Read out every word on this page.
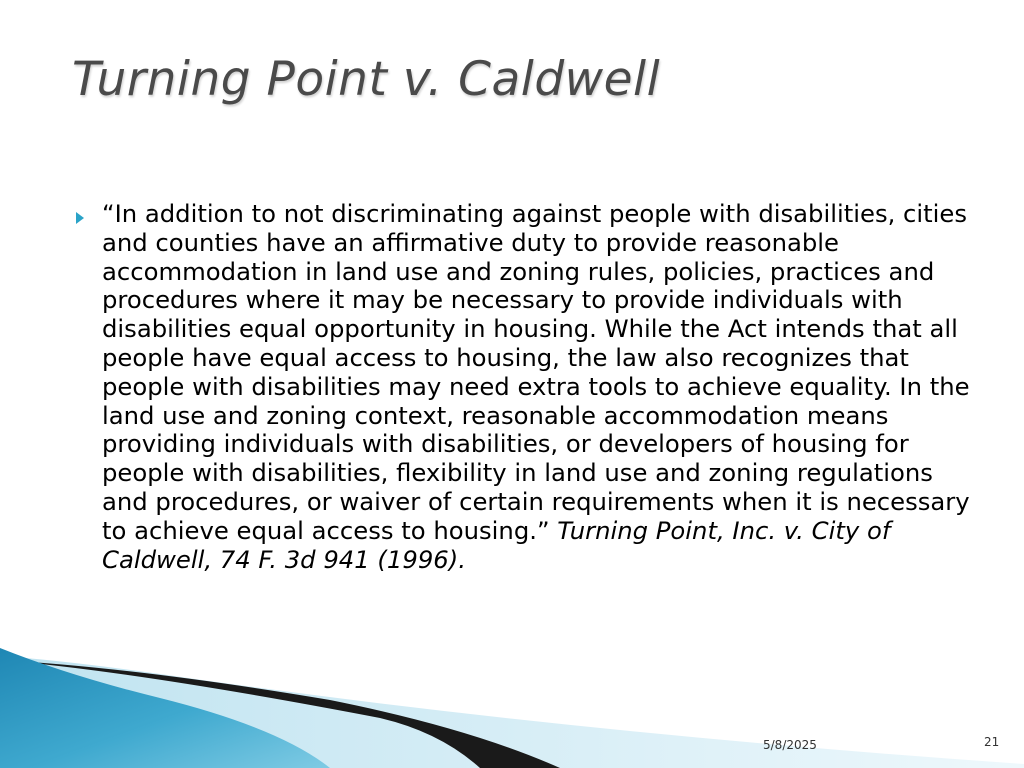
Turning Point v. Caldwell

“In addition to not discriminating against people with disabilities, cities and counties have an affirmative duty to provide reasonable accommodation in land use and zoning rules, policies, practices and procedures where it may be necessary to provide individuals with disabilities equal opportunity in housing. While the Act intends that all people have equal access to housing, the law also recognizes that people with disabilities may need extra tools to achieve equality. In the land use and zoning context, reasonable accommodation means providing individuals with disabilities, or developers of housing for people with disabilities, flexibility in land use and zoning regulations and procedures, or waiver of certain requirements when it is necessary to achieve equal access to housing.” Turning Point, Inc. v. City of Caldwell, 74 F. 3d 941 (1996).

5/8/2025	21
